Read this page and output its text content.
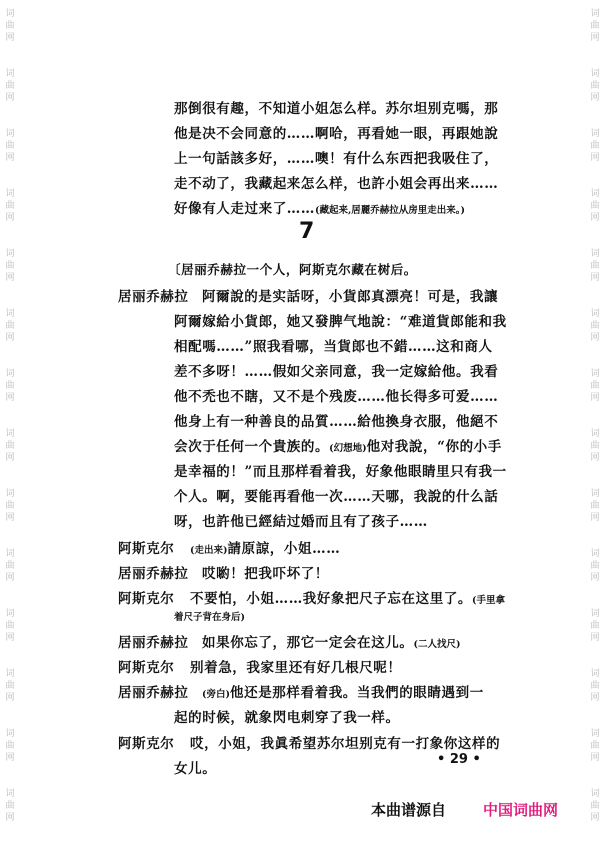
词
曲
网
词
曲
网
词
曲
网
词
曲
网
词
曲
网
词
曲
网
词
曲
网
词
曲
网
词
曲
网
词
曲
网
词
曲
网
词
曲
网
词
曲
网
词
曲
网
词
曲
网
词
曲
网
词
曲
网
词
曲
网
词
曲
网
词
曲
网
词
曲
网
词
曲
网
词
曲
网
词
曲
网
词
曲
网
词
曲
网
词
曲
网
词
曲
网
那倒很有趣，不知道小姐怎么样。苏尔坦别克嗎，那
他是决不会同意的……啊哈，再看她一眼，再跟她說
上一句話該多好，……噢！有什么东西把我吸住了，
走不动了，我藏起来怎么样，也許小姐会再出来……
好像有人走过来了……(藏起来,居麗乔赫拉从房里走出来。)
7
〔居丽乔赫拉一个人，阿斯克尔藏在树后。
居丽乔赫拉 阿爾說的是实話呀，小貨郎真漂亮！可是，我讓
阿爾嫁給小貨郎，她又發脾气地說：“难道貨郎能和我
相配嗎……”照我看哪，当貨郎也不錯……这和商人
差不多呀！……假如父亲同意，我一定嫁給他。我看
他不禿也不瞎，又不是个残废……他长得多可爱……
他身上有一种善良的品質……給他換身衣服，他絕不
会次于任何一个貴族的。(幻想地)他对我說，“你的小手
是幸福的！”而且那样看着我，好象他眼睛里只有我一
个人。啊，要能再看他一次……天哪，我說的什么話
呀，也許他已經結过婚而且有了孩子……
阿斯克尔 (走出来)請原諒，小姐……
居丽乔赫拉 哎喲！把我吓坏了！
阿斯克尔 不要怕，小姐……我好象把尺子忘在这里了。(手里拿
着尺子背在身后)
居丽乔赫拉 如果你忘了，那它一定会在这儿。(二人找尺)
阿斯克尔 别着急，我家里还有好几根尺呢！
居丽乔赫拉 (旁白)他还是那样看着我。当我們的眼睛遇到一
起的时候，就象閃电刺穿了我一样。
阿斯克尔 哎，小姐，我眞希望苏尔坦别克有一打象你这样的
女儿。
• 29 •
本曲谱源自 中国词曲网
